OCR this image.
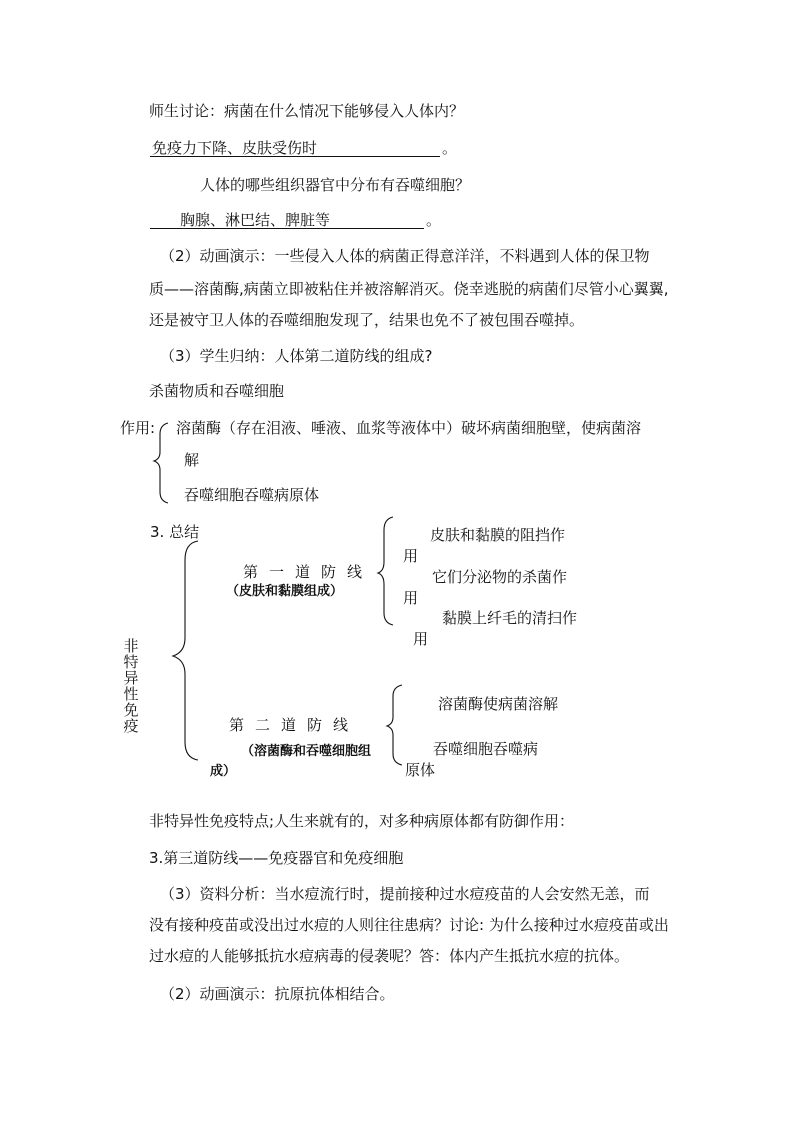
师生讨论：病菌在什么情况下能够侵入人体内？
免疫力下降、皮肤受伤时	。
人体的哪些组织器官中分布有吞噬细胞？
胸腺、淋巴结、脾脏等	。
（2）动画演示：一些侵入人体的病菌正得意洋洋，不料遇到人体的保卫物
质——溶菌酶,病菌立即被粘住并被溶解消灭。侥幸逃脱的病菌们尽管小心翼翼,
还是被守卫人体的吞噬细胞发现了，结果也免不了被包围吞噬掉。
（3）学生归纳：人体第二道防线的组成?
杀菌物质和吞噬细胞
作用: 溶菌酶（存在泪液、唾液、血浆等液体中）破坏病菌细胞壁，使病菌溶
解
吞噬细胞吞噬病原体
3. 总结
第一道防线
（皮肤和黏膜组成）
皮肤和黏膜的阻挡作
用
它们分泌物的杀菌作
用
黏膜上纤毛的清扫作
用
非
特
异
性
免
疫	第二道防线
（溶菌酶和吞噬细胞组
成）
溶菌酶使病菌溶解
吞噬细胞吞噬病
原体
非特异性免疫特点;人生来就有的，对多种病原体都有防御作用：
3.第三道防线——免疫器官和免疫细胞
（3）资料分析：当水痘流行时，提前接种过水痘疫苗的人会安然无恙，而
没有接种疫苗或没出过水痘的人则往往患病？讨论: 为什么接种过水痘疫苗或出
过水痘的人能够抵抗水痘病毒的侵袭呢？答：体内产生抵抗水痘的抗体。
（2）动画演示：抗原抗体相结合。
